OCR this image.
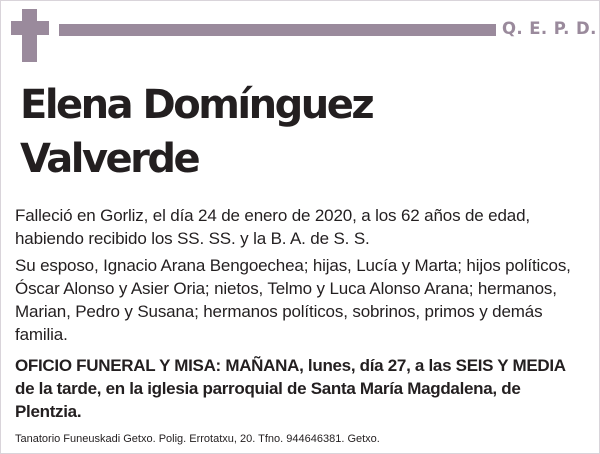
Q. E. P. D.
Elena Domínguez
Valverde

Falleció en Gorliz, el día 24 de enero de 2020, a los 62 años de edad, habiendo recibido los SS. SS. y la B. A. de S. S.

Su esposo, Ignacio Arana Bengoechea; hijas, Lucía y Marta; hijos políticos, Óscar Alonso y Asier Oria; nietos, Telmo y Luca Alonso Arana; hermanos, Marian, Pedro y Susana; hermanos políticos, sobrinos, primos y demás familia.

OFICIO FUNERAL Y MISA: MAÑANA, lunes, día 27, a las SEIS Y MEDIA de la tarde, en la iglesia parroquial de Santa María Magdalena, de Plentzia.

Tanatorio Funeuskadi Getxo. Polig. Errotatxu, 20. Tfno. 944646381. Getxo.
